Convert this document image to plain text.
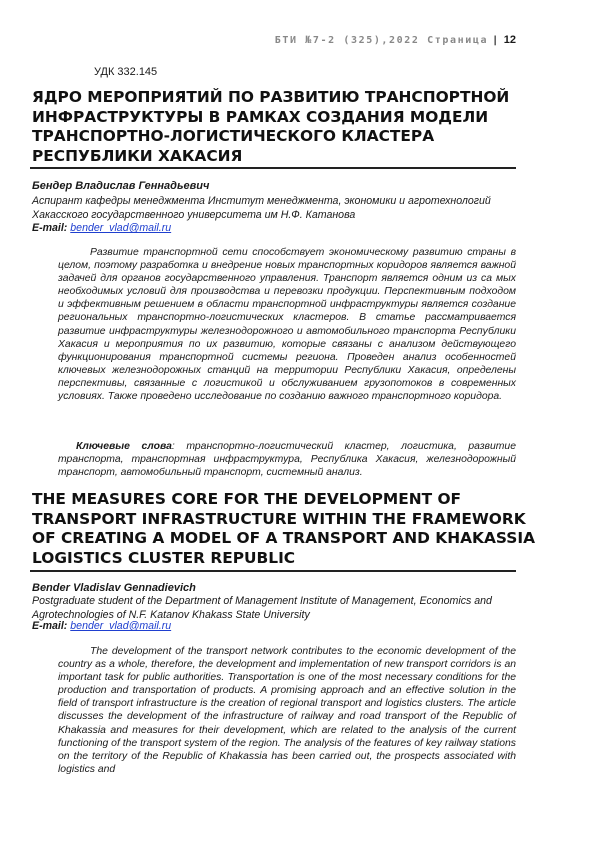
БТИ №7-2 (325),2022 Страница | 12
УДК 332.145
ЯДРО МЕРОПРИЯТИЙ ПО РАЗВИТИЮ ТРАНСПОРТНОЙ ИНФРАСТРУКТУРЫ В РАМКАХ СОЗДАНИЯ МОДЕЛИ ТРАНСПОРТНО-ЛОГИСТИЧЕСКОГО КЛАСТЕРА РЕСПУБЛИКИ ХАКАСИЯ
Бендер Владислав Геннадьевич
Аспирант кафедры менеджмента Институт менеджмента, экономики и агротехнологий Хакасского государственного университета им Н.Ф. Катанова
E-mail: bender_vlad@mail.ru

Развитие транспортной сети способствует экономическому развитию страны в целом, поэтому разработка и внедрение новых транспортных коридоров является важной задачей для органов государственного управления. Транспорт является одним из са мых необходимых условий для производства и перевозки продукции. Перспективным подходом и эффективным решением в области транспортной инфраструктуры является создание региональных транспортно-логистических кластеров. В статье рассматривается развитие инфраструктуры железнодорожного и автомобильного транспорта Республики Хакасия и мероприятия по их развитию, которые связаны с анализом действующего функционирования транспортной системы региона. Проведен анализ особенностей ключевых железнодорожных станций на территории Республики Хакасия, определены перспективы, связанные с логистикой и обслуживанием грузопотоков в современных условиях. Также проведено исследование по созданию важного транспортного коридора.

Ключевые слова: транспортно-логистический кластер, логистика, развитие транспорта, транспортная инфраструктура, Республика Хакасия, железнодорожный транспорт, автомобильный транспорт, системный анализ.

THE MEASURES CORE FOR THE DEVELOPMENT OF TRANSPORT INFRASTRUCTURE WITHIN THE FRAMEWORK OF CREATING A MODEL OF A TRANSPORT AND KHAKASSIA LOGISTICS CLUSTER REPUBLIC
Bender Vladislav Gennadievich
Postgraduate student of the Department of Management Institute of Management, Economics and Agrotechnologies of N.F. Katanov Khakass State University
E-mail: bender_vlad@mail.ru

The development of the transport network contributes to the economic development of the country as a whole, therefore, the development and implementation of new transport corridors is an important task for public authorities. Transportation is one of the most necessary conditions for the production and transportation of products. A promising approach and an effective solution in the field of transport infrastructure is the creation of regional transport and logistics clusters. The article discusses the development of the infrastructure of railway and road transport of the Republic of Khakassia and measures for their development, which are related to the analysis of the current functioning of the transport system of the region. The analysis of the features of key railway stations on the territory of the Republic of Khakassia has been carried out, the prospects associated with logistics and
